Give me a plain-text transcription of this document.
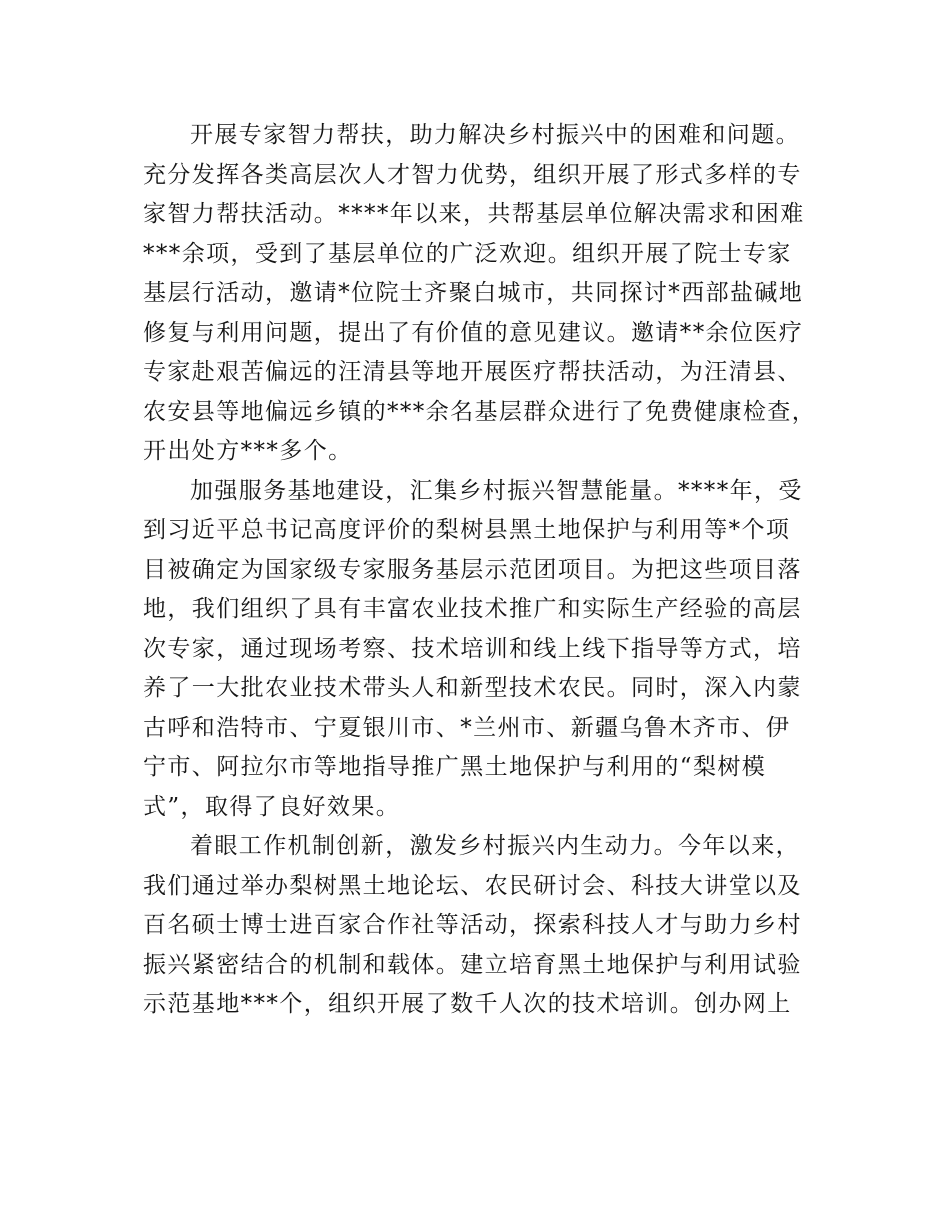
开展专家智力帮扶，助力解决乡村振兴中的困难和问题。
充分发挥各类高层次人才智力优势，组织开展了形式多样的专
家智力帮扶活动。****年以来，共帮基层单位解决需求和困难
***余项，受到了基层单位的广泛欢迎。组织开展了院士专家
基层行活动，邀请*位院士齐聚白城市，共同探讨*西部盐碱地
修复与利用问题，提出了有价值的意见建议。邀请**余位医疗
专家赴艰苦偏远的汪清县等地开展医疗帮扶活动，为汪清县、
农安县等地偏远乡镇的***余名基层群众进行了免费健康检查，
开出处方***多个。
加强服务基地建设，汇集乡村振兴智慧能量。****年，受
到习近平总书记高度评价的梨树县黑土地保护与利用等*个项
目被确定为国家级专家服务基层示范团项目。为把这些项目落
地，我们组织了具有丰富农业技术推广和实际生产经验的高层
次专家，通过现场考察、技术培训和线上线下指导等方式，培
养了一大批农业技术带头人和新型技术农民。同时，深入内蒙
古呼和浩特市、宁夏银川市、*兰州市、新疆乌鲁木齐市、伊
宁市、阿拉尔市等地指导推广黑土地保护与利用的“梨树模
式”，取得了良好效果。
着眼工作机制创新，激发乡村振兴内生动力。今年以来，
我们通过举办梨树黑土地论坛、农民研讨会、科技大讲堂以及
百名硕士博士进百家合作社等活动，探索科技人才与助力乡村
振兴紧密结合的机制和载体。建立培育黑土地保护与利用试验
示范基地***个，组织开展了数千人次的技术培训。创办网上
